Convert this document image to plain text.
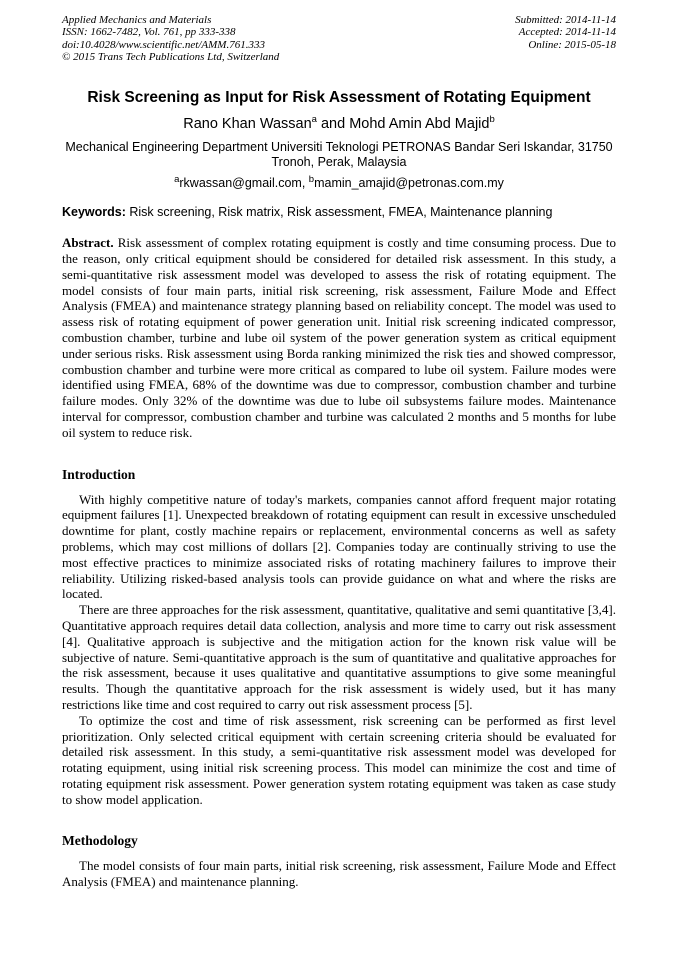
Applied Mechanics and Materials
ISSN: 1662-7482, Vol. 761, pp 333-338
doi:10.4028/www.scientific.net/AMM.761.333
© 2015 Trans Tech Publications Ltd, Switzerland
Submitted: 2014-11-14
Accepted: 2014-11-14
Online: 2015-05-18
Risk Screening as Input for Risk Assessment of Rotating Equipment
Rano Khan Wassan$^a$ and Mohd Amin Abd Majid$^b$
Mechanical Engineering Department Universiti Teknologi PETRONAS Bandar Seri Iskandar, 31750 Tronoh, Perak, Malaysia
$^a$rkwassan@gmail.com, $^b$mamin_amajid@petronas.com.my
Keywords: Risk screening, Risk matrix, Risk assessment, FMEA, Maintenance planning

Abstract. Risk assessment of complex rotating equipment is costly and time consuming process. Due to the reason, only critical equipment should be considered for detailed risk assessment. In this study, a semi-quantitative risk assessment model was developed to assess the risk of rotating equipment. The model consists of four main parts, initial risk screening, risk assessment, Failure Mode and Effect Analysis (FMEA) and maintenance strategy planning based on reliability concept. The model was used to assess risk of rotating equipment of power generation unit. Initial risk screening indicated compressor, combustion chamber, turbine and lube oil system of the power generation system as critical equipment under serious risks. Risk assessment using Borda ranking minimized the risk ties and showed compressor, combustion chamber and turbine were more critical as compared to lube oil system. Failure modes were identified using FMEA, 68% of the downtime was due to compressor, combustion chamber and turbine failure modes. Only 32% of the downtime was due to lube oil subsystems failure modes. Maintenance interval for compressor, combustion chamber and turbine was calculated 2 months and 5 months for lube oil system to reduce risk.

Introduction

With highly competitive nature of today's markets, companies cannot afford frequent major rotating equipment failures [1]. Unexpected breakdown of rotating equipment can result in excessive unscheduled downtime for plant, costly machine repairs or replacement, environmental concerns as well as safety problems, which may cost millions of dollars [2]. Companies today are continually striving to use the most effective practices to minimize associated risks of rotating machinery failures to improve their reliability. Utilizing risked-based analysis tools can provide guidance on what and where the risks are located.

There are three approaches for the risk assessment, quantitative, qualitative and semi quantitative [3,4]. Quantitative approach requires detail data collection, analysis and more time to carry out risk assessment [4]. Qualitative approach is subjective and the mitigation action for the known risk value will be subjective of nature. Semi-quantitative approach is the sum of quantitative and qualitative approaches for the risk assessment, because it uses qualitative and quantitative assumptions to give some meaningful results. Though the quantitative approach for the risk assessment is widely used, but it has many restrictions like time and cost required to carry out risk assessment process [5].

To optimize the cost and time of risk assessment, risk screening can be performed as first level prioritization. Only selected critical equipment with certain screening criteria should be evaluated for detailed risk assessment. In this study, a semi-quantitative risk assessment model was developed for rotating equipment, using initial risk screening process. This model can minimize the cost and time of rotating equipment risk assessment. Power generation system rotating equipment was taken as case study to show model application.

Methodology

The model consists of four main parts, initial risk screening, risk assessment, Failure Mode and Effect Analysis (FMEA) and maintenance planning.
